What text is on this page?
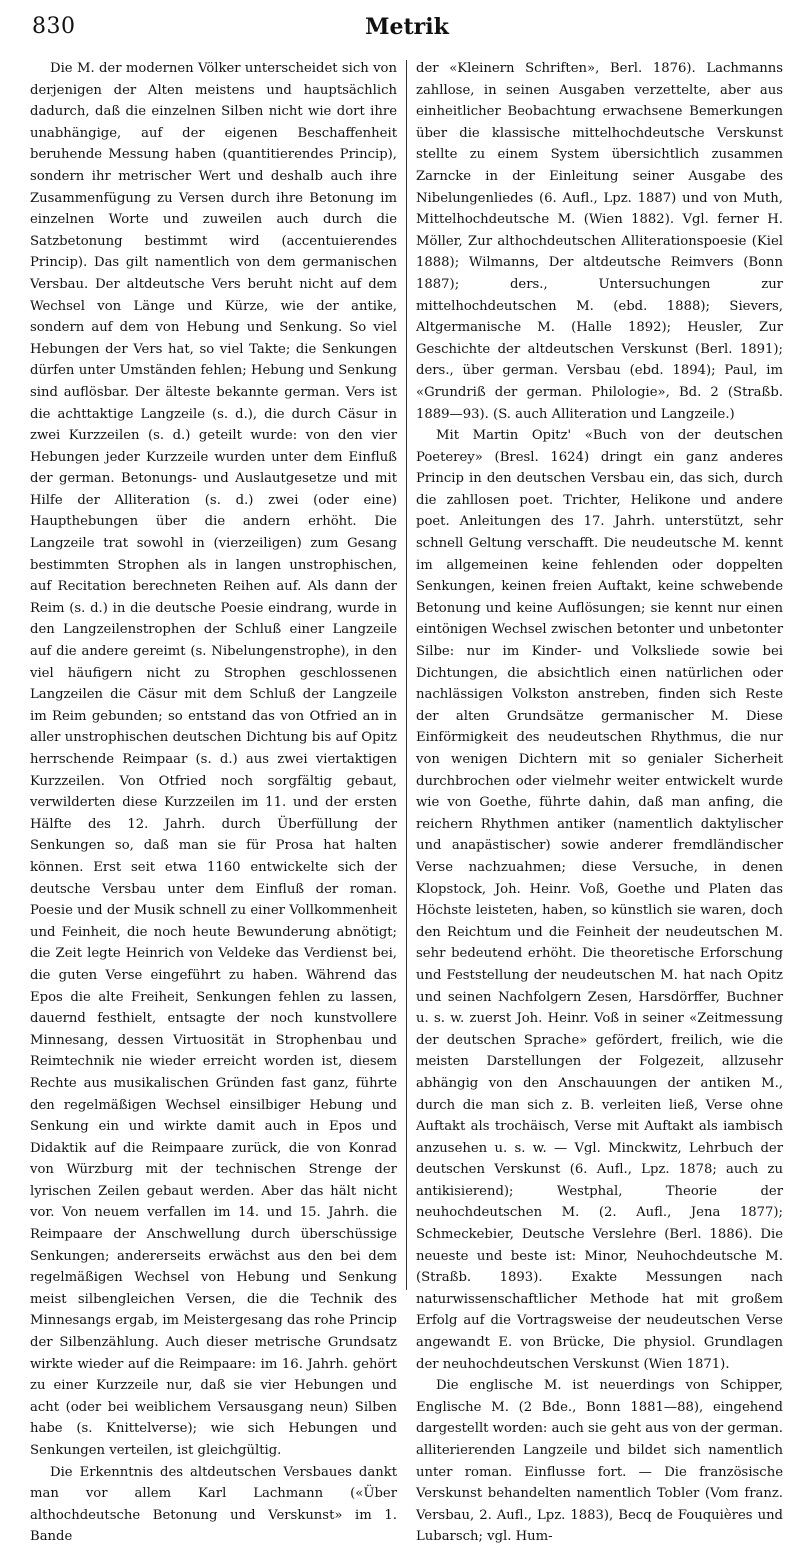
830	Metrik

Die M. der modernen Völker unterscheidet sich von derjenigen der Alten meistens und hauptsächlich dadurch, daß die einzelnen Silben nicht wie dort ihre unabhängige, auf der eigenen Beschaffenheit beruhende Messung haben (quantitierendes Princip), sondern ihr metrischer Wert und deshalb auch ihre Zusammenfügung zu Versen durch ihre Betonung im einzelnen Worte und zuweilen auch durch die Satzbetonung bestimmt wird (accentuierendes Princip). Das gilt namentlich von dem germanischen Versbau. Der altdeutsche Vers beruht nicht auf dem Wechsel von Länge und Kürze, wie der antike, sondern auf dem von Hebung und Senkung. So viel Hebungen der Vers hat, so viel Takte; die Senkungen dürfen unter Umständen fehlen; Hebung und Senkung sind auflösbar. Der älteste bekannte german. Vers ist die achttaktige Langzeile (s. d.), die durch Cäsur in zwei Kurzzeilen (s. d.) geteilt wurde: von den vier Hebungen jeder Kurzzeile wurden unter dem Einfluß der german. Betonungs- und Auslautgesetze und mit Hilfe der Alliteration (s. d.) zwei (oder eine) Haupthebungen über die andern erhöht. Die Langzeile trat sowohl in (vierzeiligen) zum Gesang bestimmten Strophen als in langen unstrophischen, auf Recitation berechneten Reihen auf. Als dann der Reim (s. d.) in die deutsche Poesie eindrang, wurde in den Langzeilenstrophen der Schluß einer Langzeile auf die andere gereimt (s. Nibelungenstrophe), in den viel häufigern nicht zu Strophen geschlossenen Langzeilen die Cäsur mit dem Schluß der Langzeile im Reim gebunden; so entstand das von Otfried an in aller unstrophischen deutschen Dichtung bis auf Opitz herrschende Reimpaar (s. d.) aus zwei viertaktigen Kurzzeilen. Von Otfried noch sorgfältig gebaut, verwilderten diese Kurzzeilen im 11. und der ersten Hälfte des 12. Jahrh. durch Überfüllung der Senkungen so, daß man sie für Prosa hat halten können. Erst seit etwa 1160 entwickelte sich der deutsche Versbau unter dem Einfluß der roman. Poesie und der Musik schnell zu einer Vollkommenheit und Feinheit, die noch heute Bewunderung abnötigt; die Zeit legte Heinrich von Veldeke das Verdienst bei, die guten Verse eingeführt zu haben. Während das Epos die alte Freiheit, Senkungen fehlen zu lassen, dauernd festhielt, entsagte der noch kunstvollere Minnesang, dessen Virtuosität in Strophenbau und Reimtechnik nie wieder erreicht worden ist, diesem Rechte aus musikalischen Gründen fast ganz, führte den regelmäßigen Wechsel einsilbiger Hebung und Senkung ein und wirkte damit auch in Epos und Didaktik auf die Reimpaare zurück, die von Konrad von Würzburg mit der technischen Strenge der lyrischen Zeilen gebaut werden. Aber das hält nicht vor. Von neuem verfallen im 14. und 15. Jahrh. die Reimpaare der Anschwellung durch überschüssige Senkungen; andererseits erwächst aus den bei dem regelmäßigen Wechsel von Hebung und Senkung meist silbengleichen Versen, die die Technik des Minnesangs ergab, im Meistergesang das rohe Princip der Silbenzählung. Auch dieser metrische Grundsatz wirkte wieder auf die Reimpaare: im 16. Jahrh. gehört zu einer Kurzzeile nur, daß sie vier Hebungen und acht (oder bei weiblichem Versausgang neun) Silben habe (s. Knittelverse); wie sich Hebungen und Senkungen verteilen, ist gleichgültig.

Die Erkenntnis des altdeutschen Versbaues dankt man vor allem Karl Lachmann («Über althochdeutsche Betonung und Verskunst» im 1. Bande

der «Kleinern Schriften», Berl. 1876). Lachmanns zahllose, in seinen Ausgaben verzettelte, aber aus einheitlicher Beobachtung erwachsene Bemerkungen über die klassische mittelhochdeutsche Verskunst stellte zu einem System übersichtlich zusammen Zarncke in der Einleitung seiner Ausgabe des Nibelungenliedes (6. Aufl., Lpz. 1887) und von Muth, Mittelhochdeutsche M. (Wien 1882). Vgl. ferner H. Möller, Zur althochdeutschen Alliterationspoesie (Kiel 1888); Wilmanns, Der altdeutsche Reimvers (Bonn 1887); ders., Untersuchungen zur mittelhochdeutschen M. (ebd. 1888); Sievers, Altgermanische M. (Halle 1892); Heusler, Zur Geschichte der altdeutschen Verskunst (Berl. 1891); ders., über german. Versbau (ebd. 1894); Paul, im «Grundriß der german. Philologie», Bd. 2 (Straßb. 1889—93). (S. auch Alliteration und Langzeile.)

Mit Martin Opitz' «Buch von der deutschen Poeterey» (Bresl. 1624) dringt ein ganz anderes Princip in den deutschen Versbau ein, das sich, durch die zahllosen poet. Trichter, Helikone und andere poet. Anleitungen des 17. Jahrh. unterstützt, sehr schnell Geltung verschafft. Die neudeutsche M. kennt im allgemeinen keine fehlenden oder doppelten Senkungen, keinen freien Auftakt, keine schwebende Betonung und keine Auflösungen; sie kennt nur einen eintönigen Wechsel zwischen betonter und unbetonter Silbe: nur im Kinder- und Volksliede sowie bei Dichtungen, die absichtlich einen natürlichen oder nachlässigen Volkston anstreben, finden sich Reste der alten Grundsätze germanischer M. Diese Einförmigkeit des neudeutschen Rhythmus, die nur von wenigen Dichtern mit so genialer Sicherheit durchbrochen oder vielmehr weiter entwickelt wurde wie von Goethe, führte dahin, daß man anfing, die reichern Rhythmen antiker (namentlich daktylischer und anapästischer) sowie anderer fremdländischer Verse nachzuahmen; diese Versuche, in denen Klopstock, Joh. Heinr. Voß, Goethe und Platen das Höchste leisteten, haben, so künstlich sie waren, doch den Reichtum und die Feinheit der neudeutschen M. sehr bedeutend erhöht. Die theoretische Erforschung und Feststellung der neudeutschen M. hat nach Opitz und seinen Nachfolgern Zesen, Harsdörffer, Buchner u. s. w. zuerst Joh. Heinr. Voß in seiner «Zeitmessung der deutschen Sprache» gefördert, freilich, wie die meisten Darstellungen der Folgezeit, allzusehr abhängig von den Anschauungen der antiken M., durch die man sich z. B. verleiten ließ, Verse ohne Auftakt als trochäisch, Verse mit Auftakt als iambisch anzusehen u. s. w. — Vgl. Minckwitz, Lehrbuch der deutschen Verskunst (6. Aufl., Lpz. 1878; auch zu antikisierend); Westphal, Theorie der neuhochdeutschen M. (2. Aufl., Jena 1877); Schmeckebier, Deutsche Verslehre (Berl. 1886). Die neueste und beste ist: Minor, Neuhochdeutsche M. (Straßb. 1893). Exakte Messungen nach naturwissenschaftlicher Methode hat mit großem Erfolg auf die Vortragsweise der neudeutschen Verse angewandt E. von Brücke, Die physiol. Grundlagen der neuhochdeutschen Verskunst (Wien 1871).

Die englische M. ist neuerdings von Schipper, Englische M. (2 Bde., Bonn 1881—88), eingehend dargestellt worden: auch sie geht aus von der german. alliterierenden Langzeile und bildet sich namentlich unter roman. Einflusse fort. — Die französische Verskunst behandelten namentlich Tobler (Vom franz. Versbau, 2. Aufl., Lpz. 1883), Becq de Fouquières und Lubarsch; vgl. Hum-
